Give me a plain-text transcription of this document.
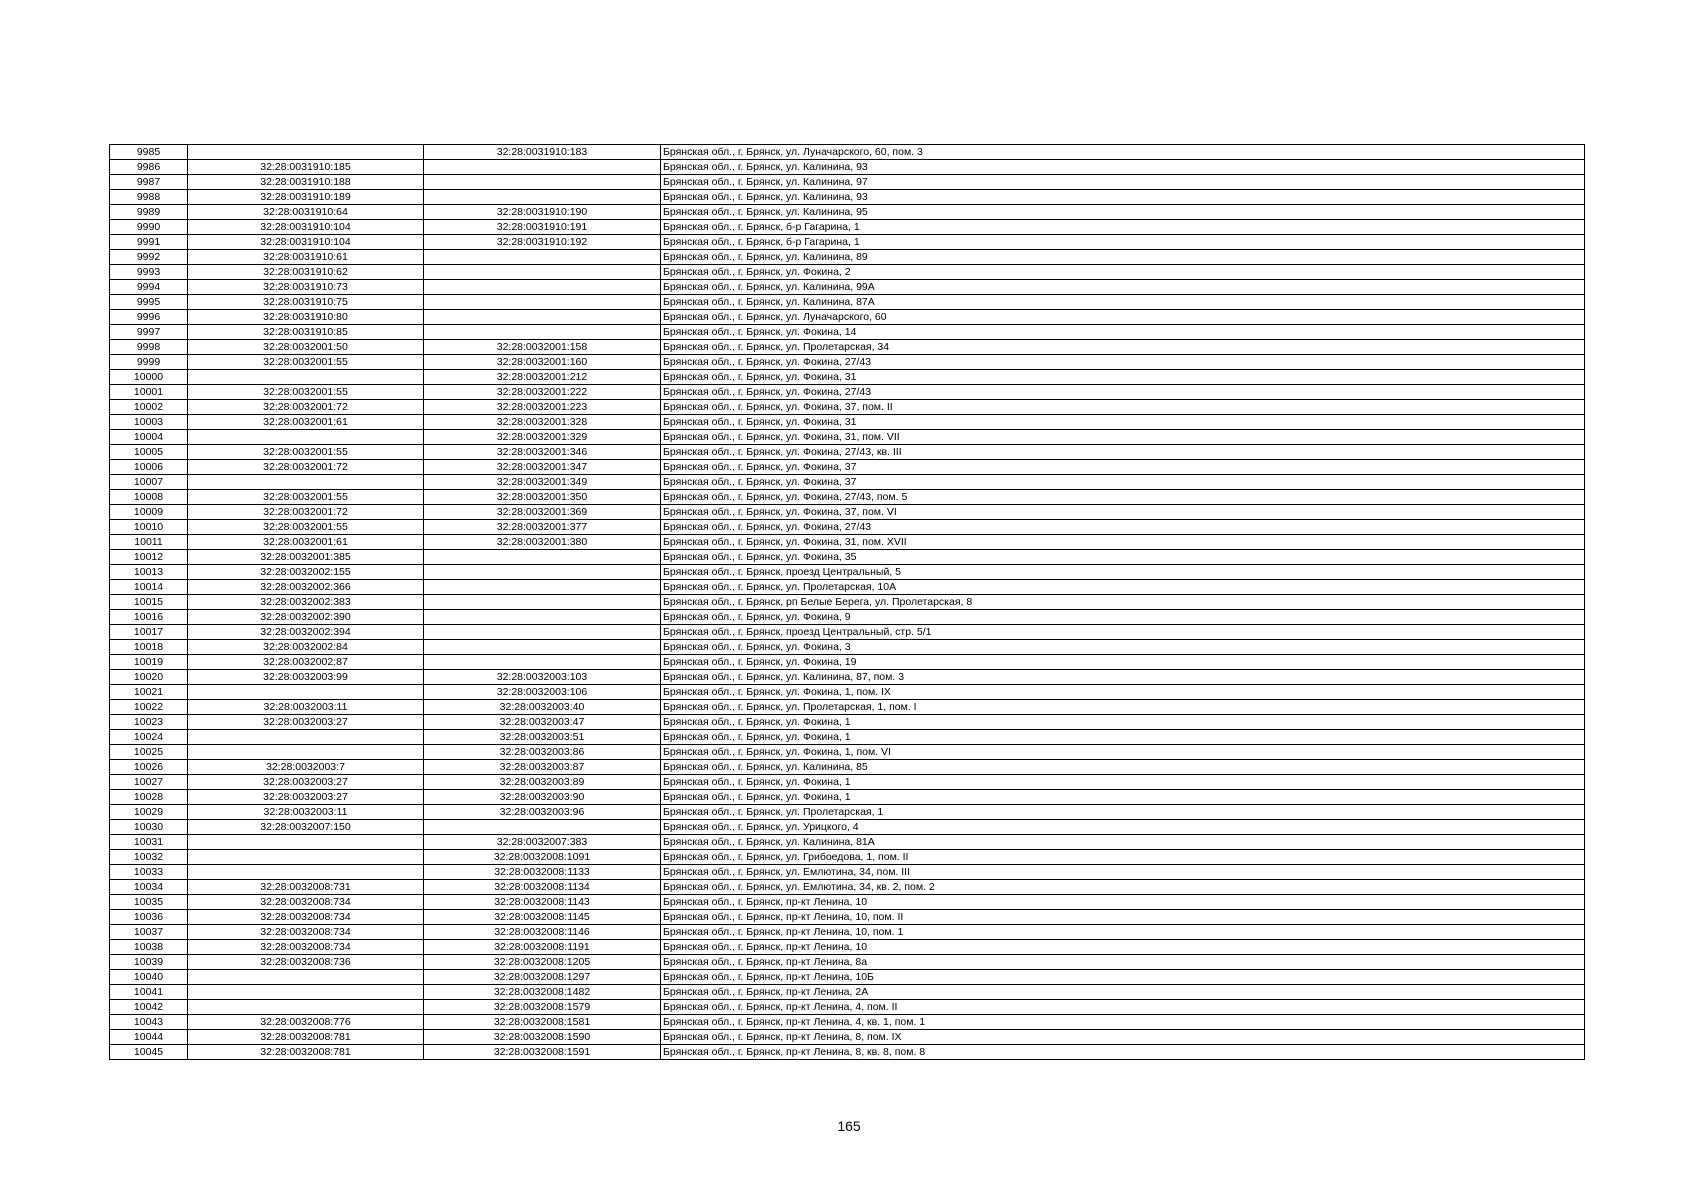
9985		32:28:0031910:183	Брянская обл., г. Брянск, ул. Луначарского, 60, пом. 3
9986	32:28:0031910:185		Брянская обл., г. Брянск, ул. Калинина, 93
9987	32:28:0031910:188		Брянская обл., г. Брянск, ул. Калинина, 97
9988	32:28:0031910:189		Брянская обл., г. Брянск, ул. Калинина, 93
9989	32:28:0031910:64	32:28:0031910:190	Брянская обл., г. Брянск, ул. Калинина, 95
9990	32:28:0031910:104	32:28:0031910:191	Брянская обл., г. Брянск, б-р Гагарина, 1
9991	32:28:0031910:104	32:28:0031910:192	Брянская обл., г. Брянск, б-р Гагарина, 1
9992	32:28:0031910:61		Брянская обл., г. Брянск, ул. Калинина, 89
9993	32:28:0031910:62		Брянская обл., г. Брянск, ул. Фокина, 2
9994	32:28:0031910:73		Брянская обл., г. Брянск, ул. Калинина, 99А
9995	32:28:0031910:75		Брянская обл., г. Брянск, ул. Калинина, 87А
9996	32:28:0031910:80		Брянская обл., г. Брянск, ул. Луначарского, 60
9997	32:28:0031910:85		Брянская обл., г. Брянск, ул. Фокина, 14
9998	32:28:0032001:50	32:28:0032001:158	Брянская обл., г. Брянск, ул. Пролетарская, 34
9999	32:28:0032001:55	32:28:0032001:160	Брянская обл., г. Брянск, ул. Фокина, 27/43
10000		32:28:0032001:212	Брянская обл., г. Брянск, ул. Фокина, 31
10001	32:28:0032001:55	32:28:0032001:222	Брянская обл., г. Брянск, ул. Фокина, 27/43
10002	32:28:0032001:72	32:28:0032001:223	Брянская обл., г. Брянск, ул. Фокина, 37, пом. II
10003	32:28:0032001:61	32:28:0032001:328	Брянская обл., г. Брянск, ул. Фокина, 31
10004		32:28:0032001:329	Брянская обл., г. Брянск, ул. Фокина, 31, пом. VII
10005	32:28:0032001:55	32:28:0032001:346	Брянская обл., г. Брянск, ул. Фокина, 27/43, кв. III
10006	32:28:0032001:72	32:28:0032001:347	Брянская обл., г. Брянск, ул. Фокина, 37
10007		32:28:0032001:349	Брянская обл., г. Брянск, ул. Фокина, 37
10008	32:28:0032001:55	32:28:0032001:350	Брянская обл., г. Брянск, ул. Фокина, 27/43, пом. 5
10009	32:28:0032001:72	32:28:0032001:369	Брянская обл., г. Брянск, ул. Фокина, 37, пом. VI
10010	32:28:0032001:55	32:28:0032001:377	Брянская обл., г. Брянск, ул. Фокина, 27/43
10011	32:28:0032001:61	32:28:0032001:380	Брянская обл., г. Брянск, ул. Фокина, 31, пом. XVII
10012	32:28:0032001:385		Брянская обл., г. Брянск, ул. Фокина, 35
10013	32:28:0032002:155		Брянская обл., г. Брянск, проезд Центральный, 5
10014	32:28:0032002:366		Брянская обл., г. Брянск, ул. Пролетарская, 10А
10015	32:28:0032002:383		Брянская обл., г. Брянск, рп Белые Берега, ул. Пролетарская, 8
10016	32:28:0032002:390		Брянская обл., г. Брянск, ул. Фокина, 9
10017	32:28:0032002:394		Брянская обл., г. Брянск, проезд Центральный, стр. 5/1
10018	32:28:0032002:84		Брянская обл., г. Брянск, ул. Фокина, 3
10019	32:28:0032002:87		Брянская обл., г. Брянск, ул. Фокина, 19
10020	32:28:0032003:99	32:28:0032003:103	Брянская обл., г. Брянск, ул. Калинина, 87, пом. 3
10021		32:28:0032003:106	Брянская обл., г. Брянск, ул. Фокина, 1, пом. IX
10022	32:28:0032003:11	32:28:0032003:40	Брянская обл., г. Брянск, ул. Пролетарская, 1, пом. I
10023	32:28:0032003:27	32:28:0032003:47	Брянская обл., г. Брянск, ул. Фокина, 1
10024		32:28:0032003:51	Брянская обл., г. Брянск, ул. Фокина, 1
10025		32:28:0032003:86	Брянская обл., г. Брянск, ул. Фокина, 1, пом. VI
10026	32:28:0032003:7	32:28:0032003:87	Брянская обл., г. Брянск, ул. Калинина, 85
10027	32:28:0032003:27	32:28:0032003:89	Брянская обл., г. Брянск, ул. Фокина, 1
10028	32:28:0032003:27	32:28:0032003:90	Брянская обл., г. Брянск, ул. Фокина, 1
10029	32:28:0032003:11	32:28:0032003:96	Брянская обл., г. Брянск, ул. Пролетарская, 1
10030	32:28:0032007:150		Брянская обл., г. Брянск, ул. Урицкого, 4
10031		32:28:0032007:383	Брянская обл., г. Брянск, ул. Калинина, 81А
10032		32:28:0032008:1091	Брянская обл., г. Брянск, ул. Грибоедова, 1, пом. II
10033		32:28:0032008:1133	Брянская обл., г. Брянск, ул. Емлютина, 34, пом. III
10034	32:28:0032008:731	32:28:0032008:1134	Брянская обл., г. Брянск, ул. Емлютина, 34, кв. 2, пом. 2
10035	32:28:0032008:734	32:28:0032008:1143	Брянская обл., г. Брянск, пр-кт Ленина, 10
10036	32:28:0032008:734	32:28:0032008:1145	Брянская обл., г. Брянск, пр-кт Ленина, 10, пом. II
10037	32:28:0032008:734	32:28:0032008:1146	Брянская обл., г. Брянск, пр-кт Ленина, 10, пом. 1
10038	32:28:0032008:734	32:28:0032008:1191	Брянская обл., г. Брянск, пр-кт Ленина, 10
10039	32:28:0032008:736	32:28:0032008:1205	Брянская обл., г. Брянск, пр-кт Ленина, 8а
10040		32:28:0032008:1297	Брянская обл., г. Брянск, пр-кт Ленина, 10Б
10041		32:28:0032008:1482	Брянская обл., г. Брянск, пр-кт Ленина, 2А
10042		32:28:0032008:1579	Брянская обл., г. Брянск, пр-кт Ленина, 4, пом. II
10043	32:28:0032008:776	32:28:0032008:1581	Брянская обл., г. Брянск, пр-кт Ленина, 4, кв. 1, пом. 1
10044	32:28:0032008:781	32:28:0032008:1590	Брянская обл., г. Брянск, пр-кт Ленина, 8, пом. IX
10045	32:28:0032008:781	32:28:0032008:1591	Брянская обл., г. Брянск, пр-кт Ленина, 8, кв. 8, пом. 8
165
